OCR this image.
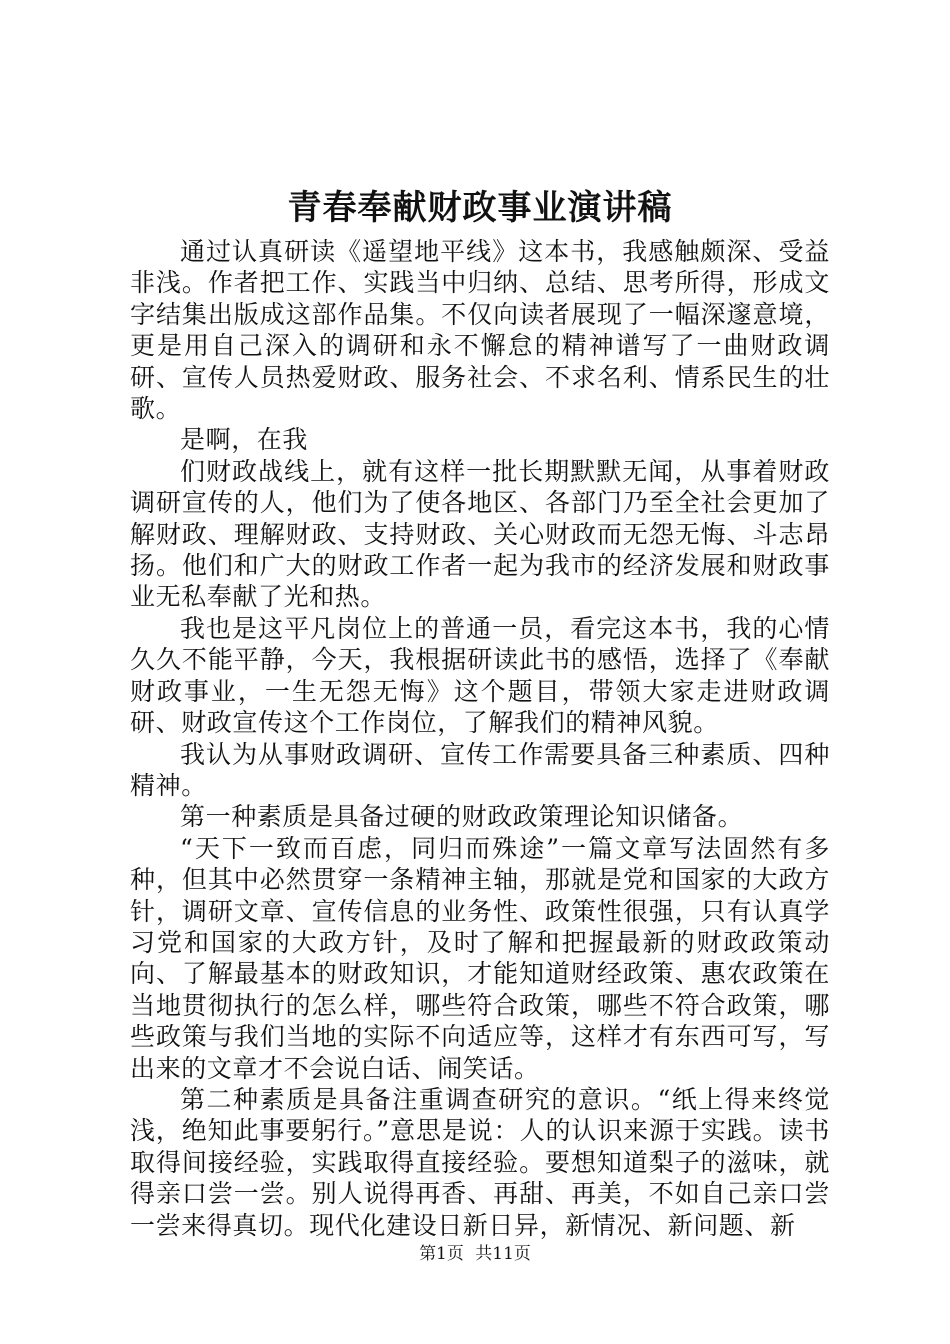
青春奉献财政事业演讲稿

通过认真研读《遥望地平线》这本书，我感触颇深、受益非浅。作者把工作、实践当中归纳、总结、思考所得，形成文字结集出版成这部作品集。不仅向读者展现了一幅深邃意境，更是用自己深入的调研和永不懈怠的精神谱写了一曲财政调研、宣传人员热爱财政、服务社会、不求名利、情系民生的壮歌。

是啊，在我

们财政战线上，就有这样一批长期默默无闻，从事着财政调研宣传的人，他们为了使各地区、各部门乃至全社会更加了解财政、理解财政、支持财政、关心财政而无怨无悔、斗志昂扬。他们和广大的财政工作者一起为我市的经济发展和财政事业无私奉献了光和热。

我也是这平凡岗位上的普通一员，看完这本书，我的心情久久不能平静，今天，我根据研读此书的感悟，选择了《奉献财政事业，一生无怨无悔》这个题目，带领大家走进财政调研、财政宣传这个工作岗位，了解我们的精神风貌。

我认为从事财政调研、宣传工作需要具备三种素质、四种精神。

第一种素质是具备过硬的财政政策理论知识储备。

“天下一致而百虑，同归而殊途”一篇文章写法固然有多种，但其中必然贯穿一条精神主轴，那就是党和国家的大政方针，调研文章、宣传信息的业务性、政策性很强，只有认真学习党和国家的大政方针，及时了解和把握最新的财政政策动向、了解最基本的财政知识，才能知道财经政策、惠农政策在当地贯彻执行的怎么样，哪些符合政策，哪些不符合政策，哪些政策与我们当地的实际不向适应等，这样才有东西可写，写出来的文章才不会说白话、闹笑话。

第二种素质是具备注重调查研究的意识。“纸上得来终觉浅，绝知此事要躬行。”意思是说：人的认识来源于实践。读书取得间接经验，实践取得直接经验。要想知道梨子的滋味，就得亲口尝一尝。别人说得再香、再甜、再美，不如自己亲口尝一尝来得真切。现代化建设日新日异，新情况、新问题、新

第1页 共11页
